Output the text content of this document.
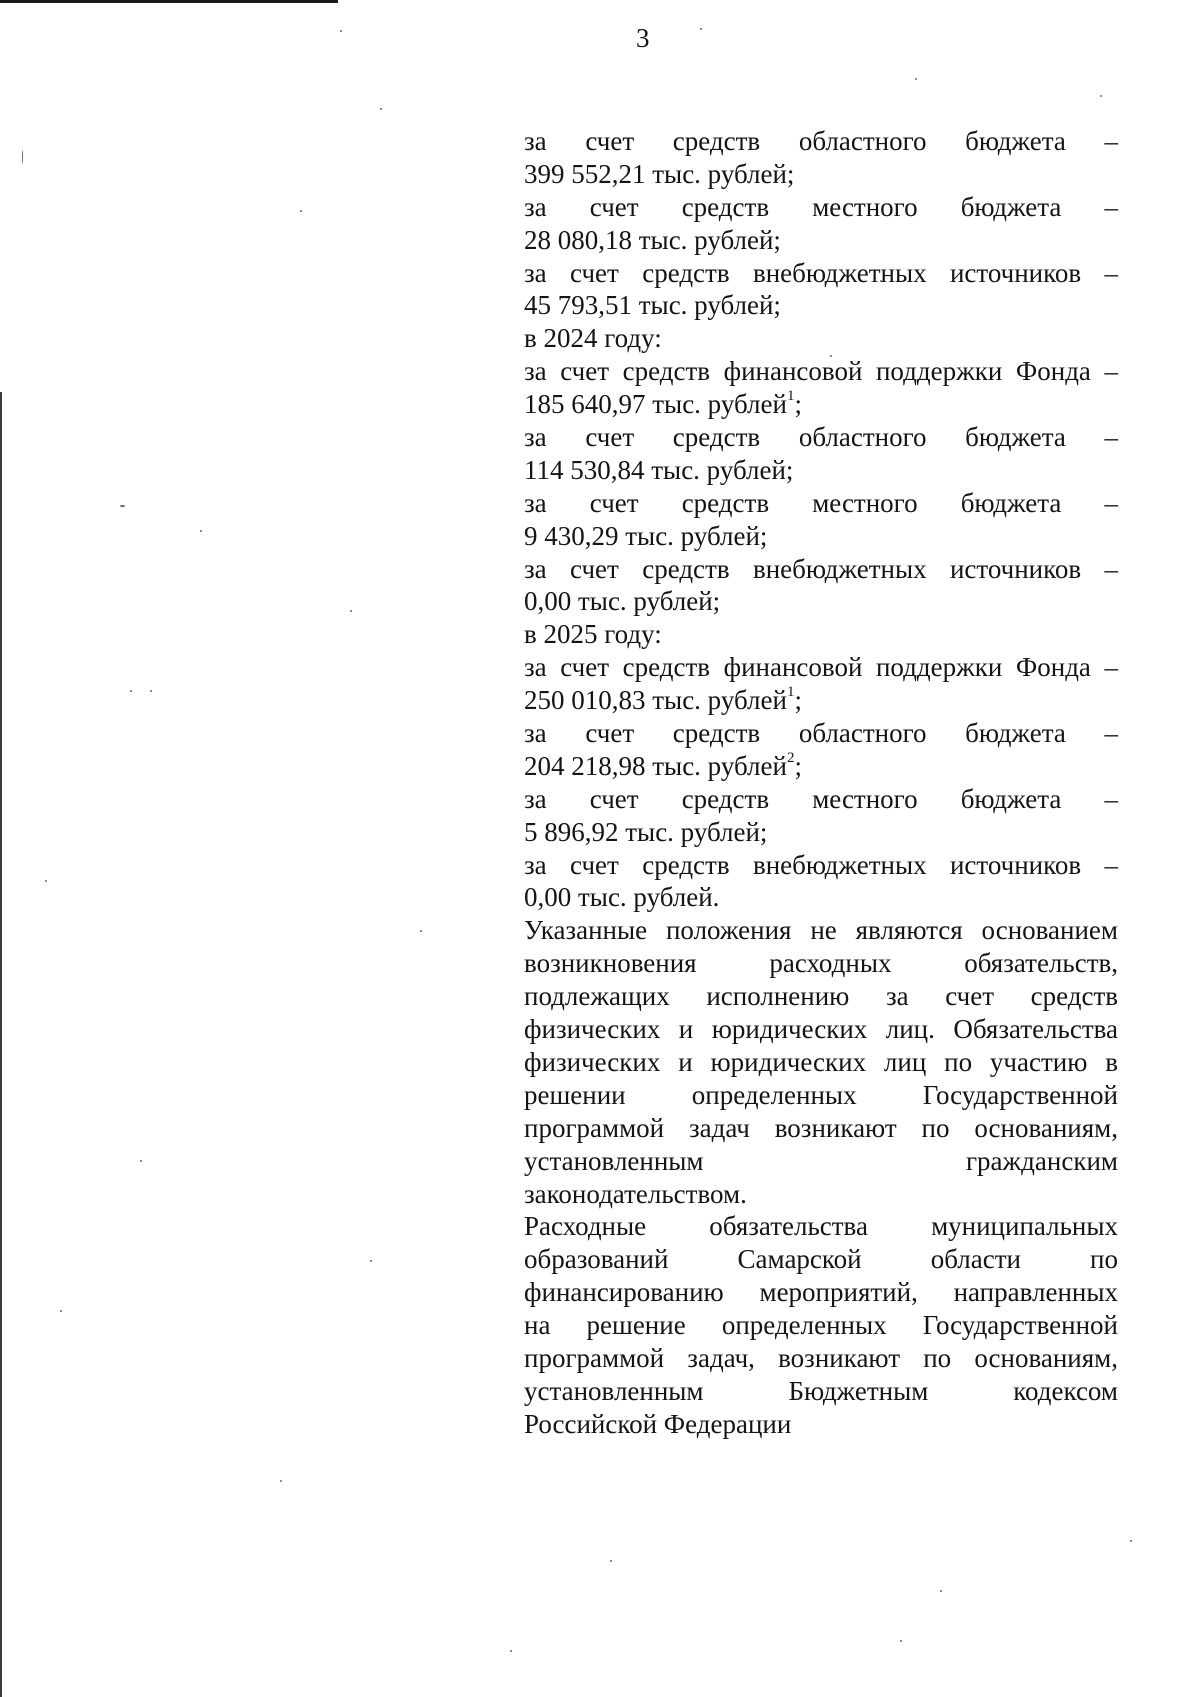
3
за счет средств областного бюджета –
399 552,21 тыс. рублей;
за счет средств местного бюджета –
28 080,18 тыс. рублей;
за счет средств внебюджетных источников –
45 793,51 тыс. рублей;
в 2024 году:
за счет средств финансовой поддержки Фонда –
185 640,97 тыс. рублей$^1$;
за счет средств областного бюджета –
114 530,84 тыс. рублей;
за счет средств местного бюджета –
9 430,29 тыс. рублей;
за счет средств внебюджетных источников –
0,00 тыс. рублей;
в 2025 году:
за счет средств финансовой поддержки Фонда –
250 010,83 тыс. рублей$^1$;
за счет средств областного бюджета –
204 218,98 тыс. рублей$^2$;
за счет средств местного бюджета –
5 896,92 тыс. рублей;
за счет средств внебюджетных источников –
0,00 тыс. рублей.
Указанные положения не являются основанием
возникновения расходных обязательств,
подлежащих исполнению за счет средств
физических и юридических лиц. Обязательства
физических и юридических лиц по участию в
решении определенных Государственной
программой задач возникают по основаниям,
установленным гражданским
законодательством.
Расходные обязательства муниципальных
образований Самарской области по
финансированию мероприятий, направленных
на решение определенных Государственной
программой задач, возникают по основаниям,
установленным Бюджетным кодексом
Российской Федерации
